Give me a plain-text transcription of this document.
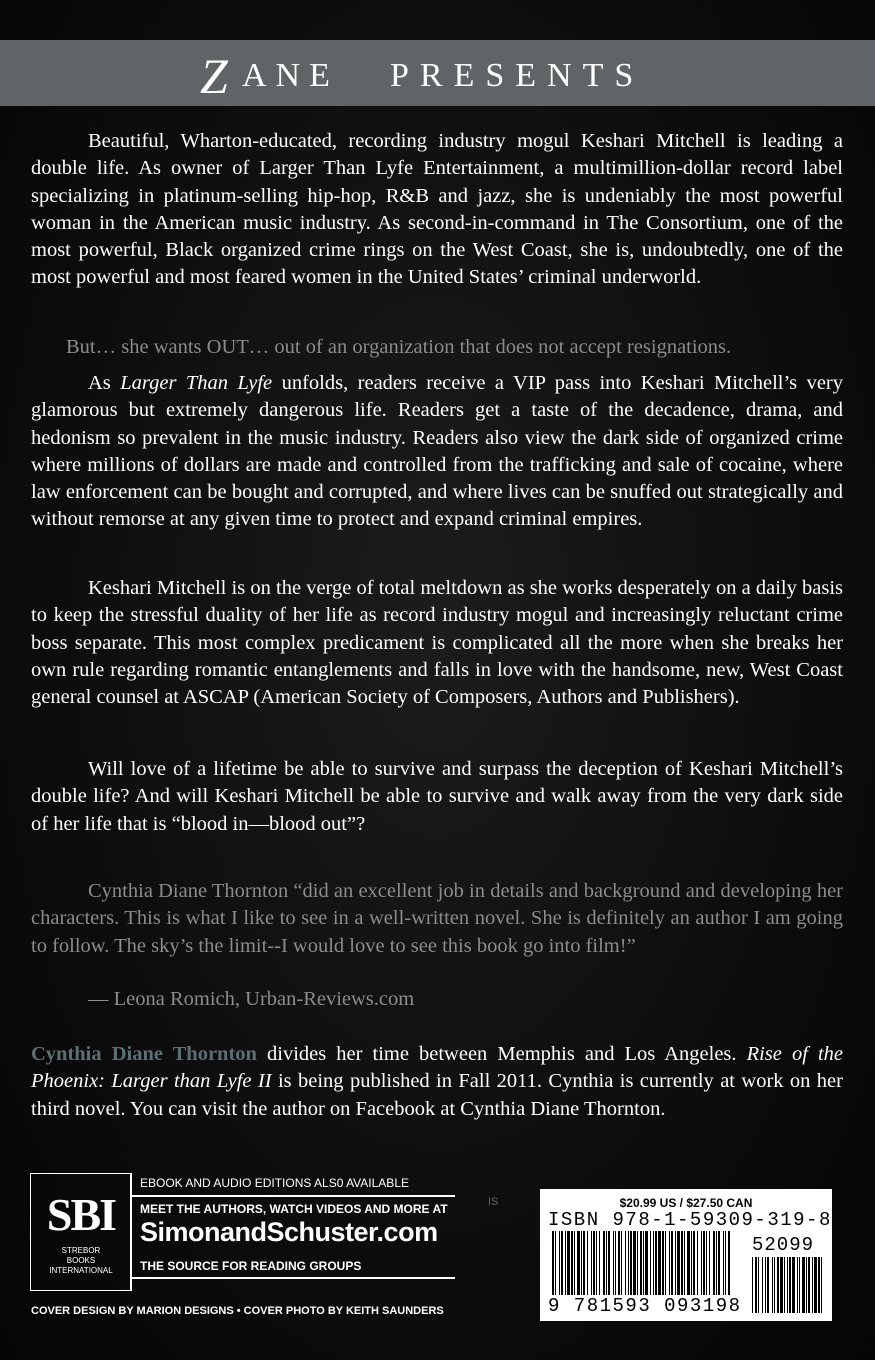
Z ANE PRESENTS

Beautiful, Wharton-educated, recording industry mogul Keshari Mitchell is leading a double life. As owner of Larger Than Lyfe Entertainment, a multimillion-dollar record label specializing in platinum-selling hip-hop, R&B and jazz, she is undeniably the most powerful woman in the American music industry. As second-in-command in The Consortium, one of the most powerful, Black organized crime rings on the West Coast, she is, undoubtedly, one of the most powerful and most feared women in the United States’ criminal underworld.

But… she wants OUT… out of an organization that does not accept resignations.

As Larger Than Lyfe unfolds, readers receive a VIP pass into Keshari Mitchell’s very glamorous but extremely dangerous life. Readers get a taste of the decadence, drama, and hedonism so prevalent in the music industry. Readers also view the dark side of organized crime where millions of dollars are made and controlled from the trafficking and sale of cocaine, where law enforcement can be bought and corrupted, and where lives can be snuffed out strategically and without remorse at any given time to protect and expand criminal empires.

Keshari Mitchell is on the verge of total meltdown as she works desperately on a daily basis to keep the stressful duality of her life as record industry mogul and increasingly reluctant crime boss separate. This most complex predicament is complicated all the more when she breaks her own rule regarding romantic entanglements and falls in love with the handsome, new, West Coast general counsel at ASCAP (American Society of Composers, Authors and Publishers).

Will love of a lifetime be able to survive and surpass the deception of Keshari Mitchell’s double life? And will Keshari Mitchell be able to survive and walk away from the very dark side of her life that is “blood in—blood out”?

Cynthia Diane Thornton “did an excellent job in details and background and developing her characters. This is what I like to see in a well-written novel. She is definitely an author I am going to follow. The sky’s the limit--I would love to see this book go into film!”

— Leona Romich, Urban-Reviews.com

Cynthia Diane Thornton divides her time between Memphis and Los Angeles. Rise of the Phoenix: Larger than Lyfe II is being published in Fall 2011. Cynthia is currently at work on her third novel. You can visit the author on Facebook at Cynthia Diane Thornton.

SBI
STREBOR
BOOKS
INTERNATIONAL
EBOOK AND AUDIO EDITIONS ALS0 AVAILABLE
MEET THE AUTHORS, WATCH VIDEOS AND MORE AT
SimonandSchuster.com
THE SOURCE FOR READING GROUPS
IS
COVER DESIGN BY MARION DESIGNS • COVER PHOTO BY KEITH SAUNDERS
$20.99 US / $27.50 CAN
ISBN 978-1-59309-319-8
52099
9 781593 093198
